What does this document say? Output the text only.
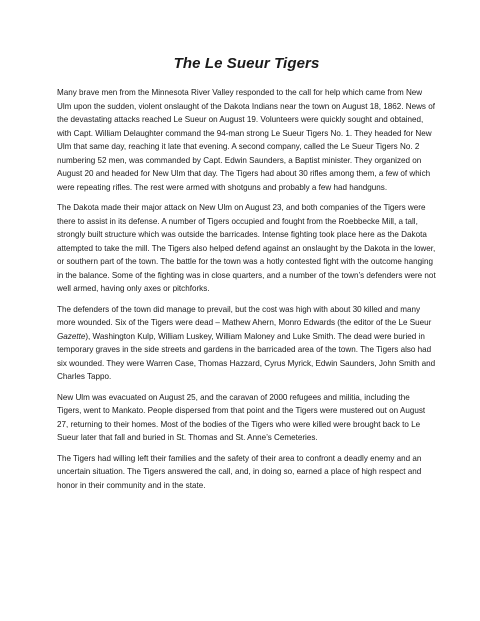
The Le Sueur Tigers

Many brave men from the Minnesota River Valley responded to the call for help which came from New Ulm upon the sudden, violent onslaught of the Dakota Indians near the town on August 18, 1862. News of the devastating attacks reached Le Sueur on August 19. Volunteers were quickly sought and obtained, with Capt. William Delaughter command the 94-man strong Le Sueur Tigers No. 1. They headed for New Ulm that same day, reaching it late that evening. A second company, called the Le Sueur Tigers No. 2 numbering 52 men, was commanded by Capt. Edwin Saunders, a Baptist minister. They organized on August 20 and headed for New Ulm that day. The Tigers had about 30 rifles among them, a few of which were repeating rifles. The rest were armed with shotguns and probably a few had handguns.

The Dakota made their major attack on New Ulm on August 23, and both companies of the Tigers were there to assist in its defense. A number of Tigers occupied and fought from the Roebbecke Mill, a tall, strongly built structure which was outside the barricades. Intense fighting took place here as the Dakota attempted to take the mill. The Tigers also helped defend against an onslaught by the Dakota in the lower, or southern part of the town. The battle for the town was a hotly contested fight with the outcome hanging in the balance. Some of the fighting was in close quarters, and a number of the town’s defenders were not well armed, having only axes or pitchforks.

The defenders of the town did manage to prevail, but the cost was high with about 30 killed and many more wounded. Six of the Tigers were dead – Mathew Ahern, Monro Edwards (the editor of the Le Sueur Gazette), Washington Kulp, William Luskey, William Maloney and Luke Smith. The dead were buried in temporary graves in the side streets and gardens in the barricaded area of the town. The Tigers also had six wounded. They were Warren Case, Thomas Hazzard, Cyrus Myrick, Edwin Saunders, John Smith and Charles Tappo.

New Ulm was evacuated on August 25, and the caravan of 2000 refugees and militia, including the Tigers, went to Mankato. People dispersed from that point and the Tigers were mustered out on August 27, returning to their homes. Most of the bodies of the Tigers who were killed were brought back to Le Sueur later that fall and buried in St. Thomas and St. Anne’s Cemeteries.

The Tigers had willing left their families and the safety of their area to confront a deadly enemy and an uncertain situation. The Tigers answered the call, and, in doing so, earned a place of high respect and honor in their community and in the state.
